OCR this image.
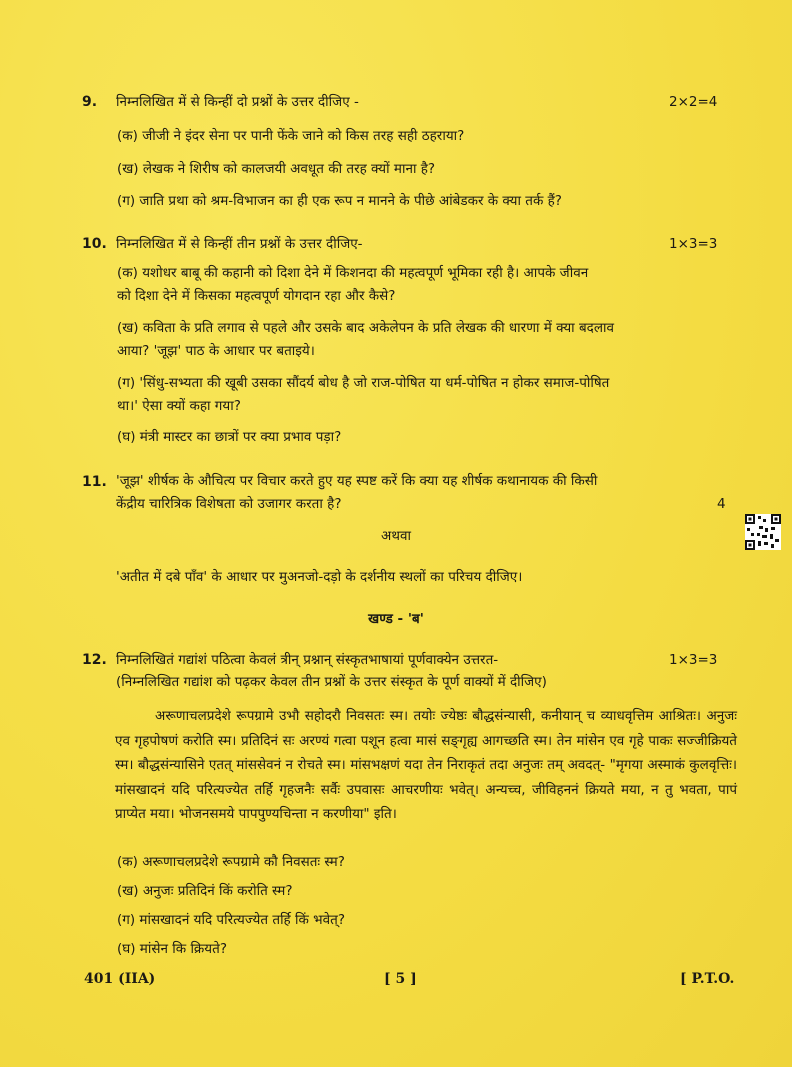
9. निम्नलिखित में से किन्हीं दो प्रश्नों के उत्तर दीजिए -	2×2=4
(क) जीजी ने इंदर सेना पर पानी फेंके जाने को किस तरह सही ठहराया?
(ख) लेखक ने शिरीष को कालजयी अवधूत की तरह क्यों माना है?
(ग) जाति प्रथा को श्रम-विभाजन का ही एक रूप न मानने के पीछे आंबेडकर के क्या तर्क हैं?
10. निम्नलिखित में से किन्हीं तीन प्रश्नों के उत्तर दीजिए-	1×3=3
(क) यशोधर बाबू की कहानी को दिशा देने में किशनदा की महत्वपूर्ण भूमिका रही है। आपके जीवन
को दिशा देने में किसका महत्वपूर्ण योगदान रहा और कैसे?
(ख) कविता के प्रति लगाव से पहले और उसके बाद अकेलेपन के प्रति लेखक की धारणा में क्या बदलाव
आया? 'जूझ' पाठ के आधार पर बताइये।
(ग) 'सिंधु-सभ्यता की खूबी उसका सौंदर्य बोध है जो राज-पोषित या धर्म-पोषित न होकर समाज-पोषित
था।' ऐसा क्यों कहा गया?
(घ) मंत्री मास्टर का छात्रों पर क्या प्रभाव पड़ा?
11. 'जूझ' शीर्षक के औचित्य पर विचार करते हुए यह स्पष्ट करें कि क्या यह शीर्षक कथानायक की किसी
केंद्रीय चारित्रिक विशेषता को उजागर करता है?	4
अथवा
'अतीत में दबे पाँव' के आधार पर मुअनजो-दड़ो के दर्शनीय स्थलों का परिचय दीजिए।
खण्ड - 'ब'
12. निम्नलिखितं गद्यांशं पठित्वा केवलं त्रीन् प्रश्नान् संस्कृतभाषायां पूर्णवाक्येन उत्तरत-	1×3=3
(निम्नलिखित गद्यांश को पढ़कर केवल तीन प्रश्नों के उत्तर संस्कृत के पूर्ण वाक्यों में दीजिए)
अरूणाचलप्रदेशे रूपग्रामे उभौ सहोदरौ निवसतः स्म। तयोः ज्येष्ठः बौद्धसंन्यासी, कनीयान् च व्याधवृत्तिम आश्रितः। अनुजः एव गृहपोषणं करोति स्म। प्रतिदिनं सः अरण्यं गत्वा पशून हत्वा मासं सङ्गृह्य आगच्छति स्म। तेन मांसेन एव गृहे पाकः सज्जीक्रियते स्म। बौद्धसंन्यासिने एतत् मांससेवनं न रोचते स्म। मांसभक्षणं यदा तेन निराकृतं तदा अनुजः तम् अवदत्- "मृगया अस्माकं कुलवृत्तिः। मांसखादनं यदि परित्यज्येत तर्हि गृहजनैः सर्वैः उपवासः आचरणीयः भवेत्। अन्यच्च, जीविहननं क्रियते मया, न तु भवता, पापं प्राप्येत मया। भोजनसमये पापपुण्यचिन्ता न करणीया" इति।
(क) अरूणाचलप्रदेशे रूपग्रामे कौ निवसतः स्म?
(ख) अनुजः प्रतिदिनं किं करोति स्म?
(ग) मांसखादनं यदि परित्यज्येत तर्हि किं भवेत्?
(घ) मांसेन कि क्रियते?
401 (IIA)	[ 5 ]	[ P.T.O.
